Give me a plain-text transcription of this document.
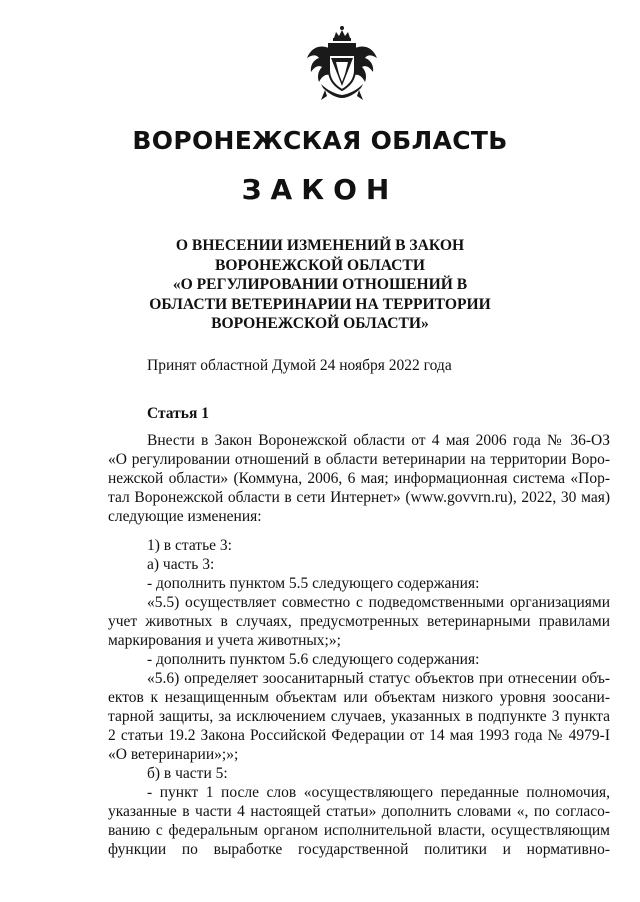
ВОРОНЕЖСКАЯ ОБЛАСТЬ
ЗАКОН
О ВНЕСЕНИИ ИЗМЕНЕНИЙ В ЗАКОН
ВОРОНЕЖСКОЙ ОБЛАСТИ
«О РЕГУЛИРОВАНИИ ОТНОШЕНИЙ В
ОБЛАСТИ ВЕТЕРИНАРИИ НА ТЕРРИТОРИИ
ВОРОНЕЖСКОЙ ОБЛАСТИ»
Принят областной Думой 24 ноября 2022 года
Статья 1
Внести в Закон Воронежской области от 4 мая 2006 года № 36-ОЗ
«О регулировании отношений в области ветеринарии на территории Воро-
нежской области» (Коммуна, 2006, 6 мая; информационная система «Пор-
тал Воронежской области в сети Интернет» (www.govvrn.ru), 2022, 30 мая)
следующие изменения:
1) в статье 3:
а) часть 3:
- дополнить пунктом 5.5 следующего содержания:
«5.5) осуществляет совместно с подведомственными организациями
учет животных в случаях, предусмотренных ветеринарными правилами
маркирования и учета животных;»;
- дополнить пунктом 5.6 следующего содержания:
«5.6) определяет зоосанитарный статус объектов при отнесении объ-
ектов к незащищенным объектам или объектам низкого уровня зоосани-
тарной защиты, за исключением случаев, указанных в подпункте 3 пункта
2 статьи 19.2 Закона Российской Федерации от 14 мая 1993 года № 4979-I
«О ветеринарии»;»;
б) в части 5:
- пункт 1 после слов «осуществляющего переданные полномочия,
указанные в части 4 настоящей статьи» дополнить словами «, по согласо-
ванию с федеральным органом исполнительной власти, осуществляющим
функции по выработке государственной политики и нормативно-
